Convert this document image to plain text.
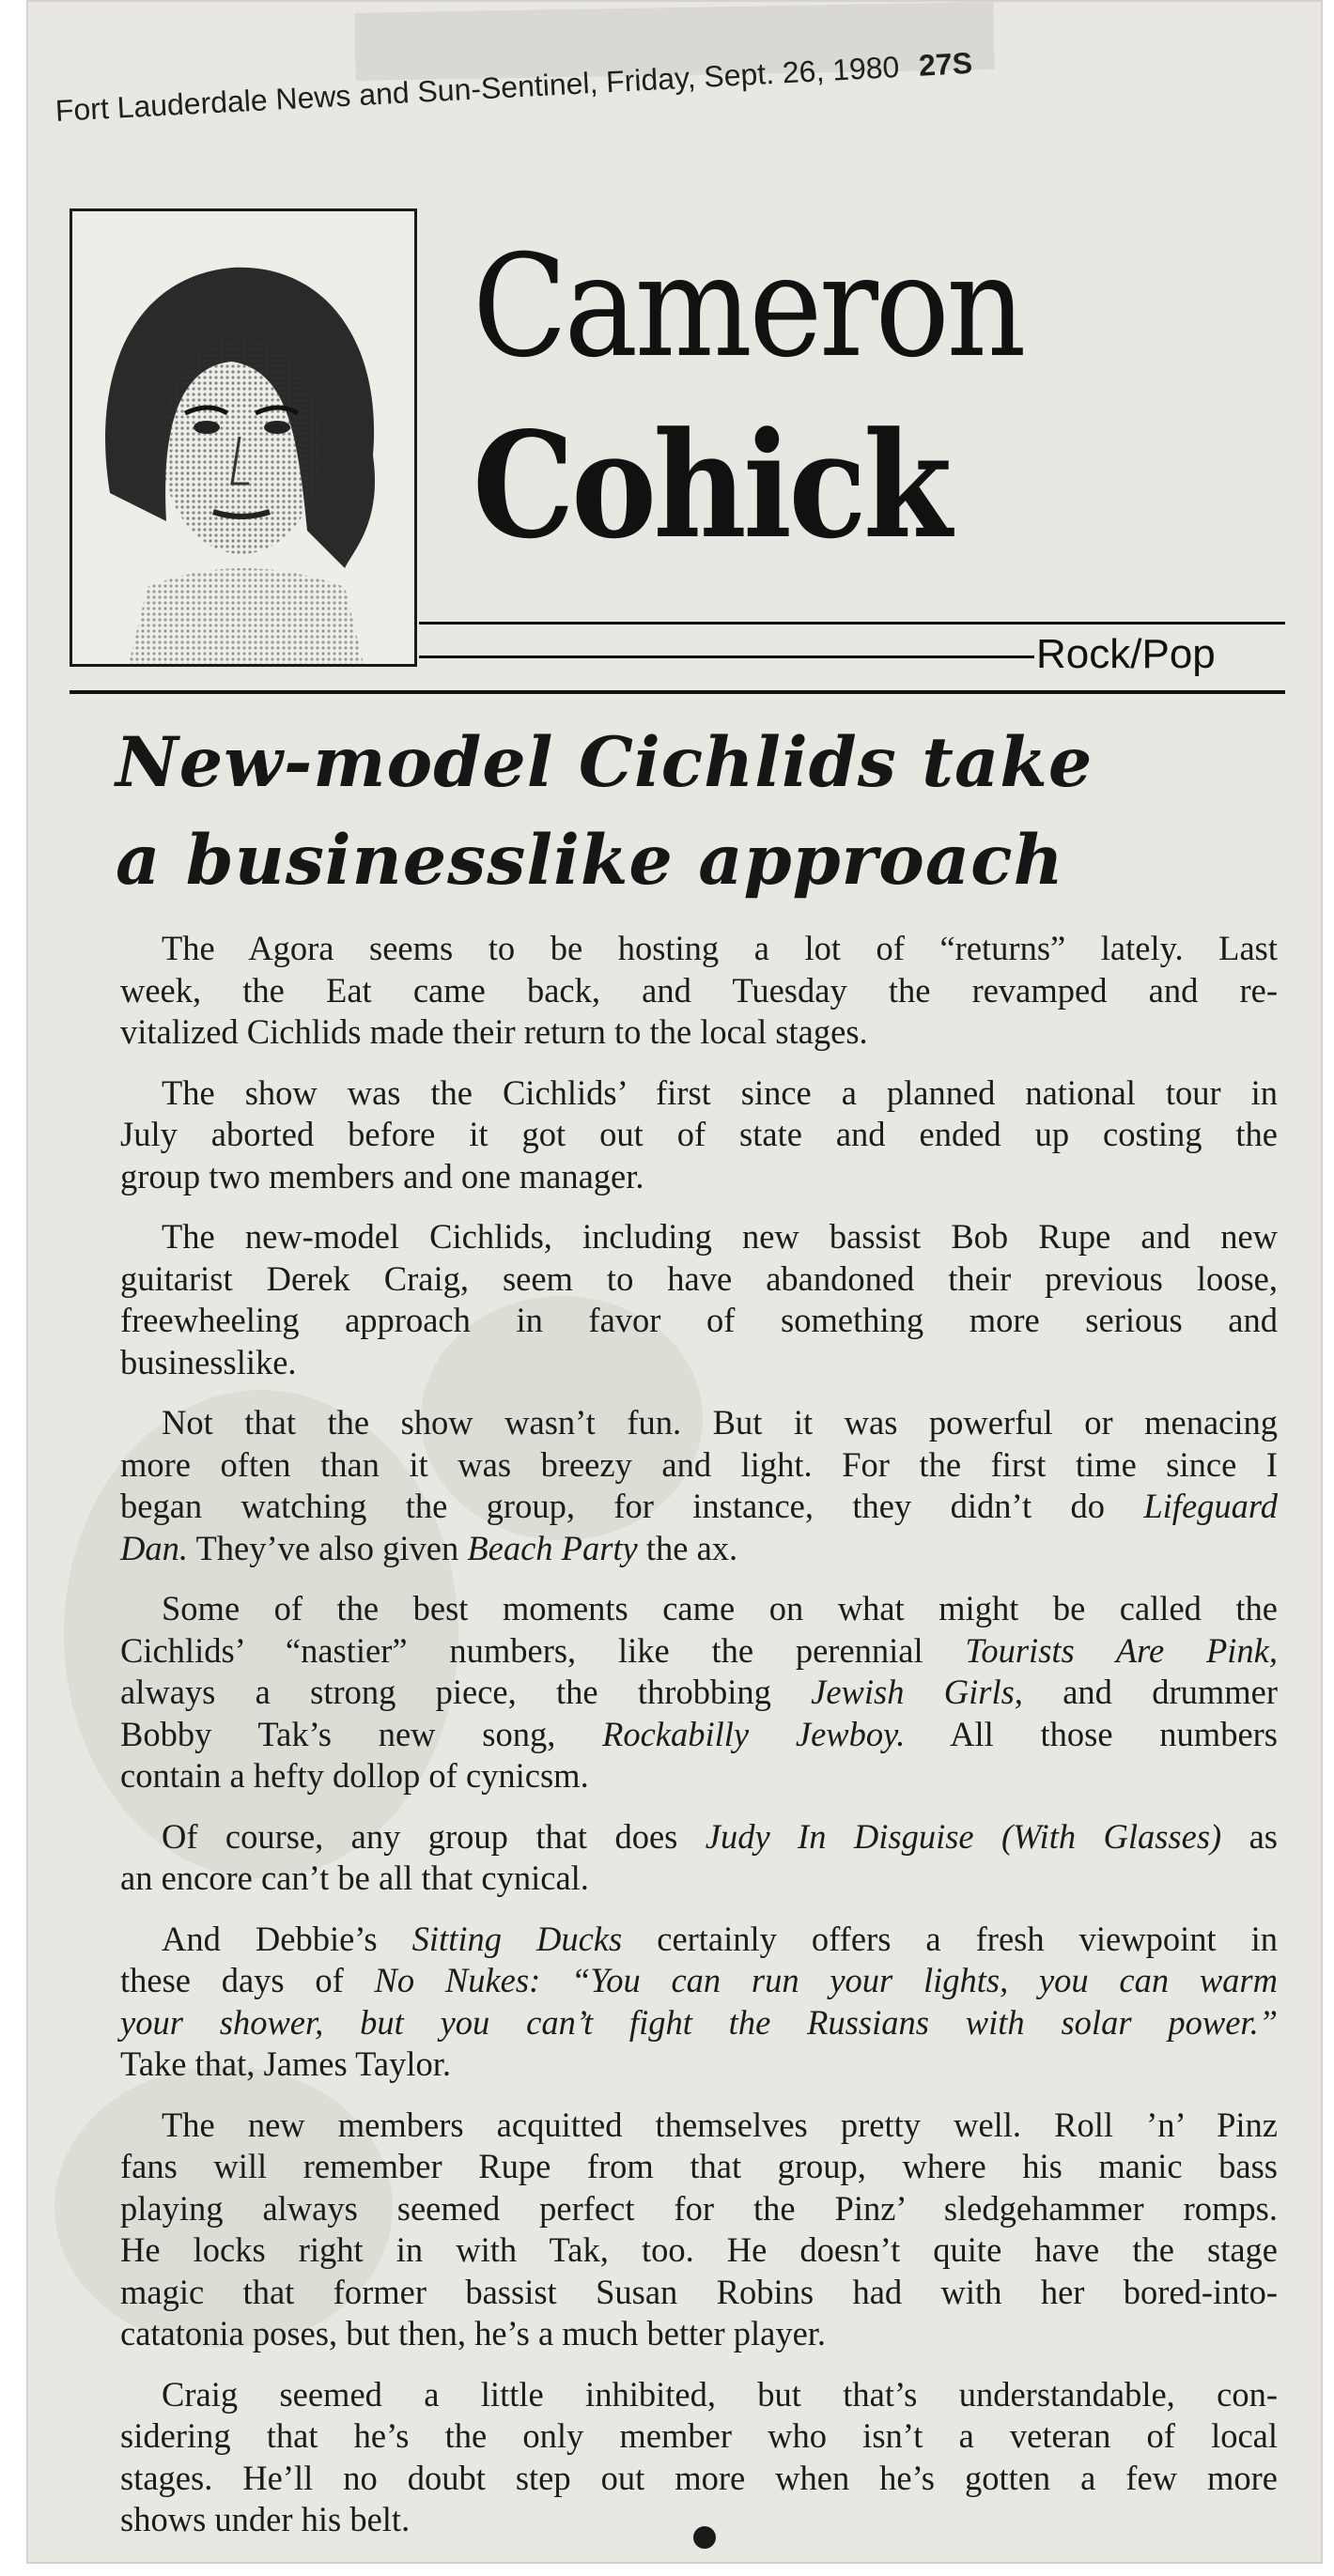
Fort Lauderdale News and Sun-Sentinel, Friday, Sept. 26, 1980 27S
Cameron
Cohick
Rock/Pop
New-model Cichlids take
a businesslike approach

The Agora seems to be hosting a lot of “returns” lately. Last
week, the Eat came back, and Tuesday the revamped and re-
vitalized Cichlids made their return to the local stages.

The show was the Cichlids’ first since a planned national tour in
July aborted before it got out of state and ended up costing the
group two members and one manager.

The new-model Cichlids, including new bassist Bob Rupe and new
guitarist Derek Craig, seem to have abandoned their previous loose,
freewheeling approach in favor of something more serious and
businesslike.

Not that the show wasn’t fun. But it was powerful or menacing
more often than it was breezy and light. For the first time since I
began watching the group, for instance, they didn’t do Lifeguard
Dan. They’ve also given Beach Party the ax.

Some of the best moments came on what might be called the
Cichlids’ “nastier” numbers, like the perennial Tourists Are Pink,
always a strong piece, the throbbing Jewish Girls, and drummer
Bobby Tak’s new song, Rockabilly Jewboy. All those numbers
contain a hefty dollop of cynicsm.

Of course, any group that does Judy In Disguise (With Glasses) as
an encore can’t be all that cynical.

And Debbie’s Sitting Ducks certainly offers a fresh viewpoint in
these days of No Nukes: “You can run your lights, you can warm
your shower, but you can’t fight the Russians with solar power.”
Take that, James Taylor.

The new members acquitted themselves pretty well. Roll ’n’ Pinz
fans will remember Rupe from that group, where his manic bass
playing always seemed perfect for the Pinz’ sledgehammer romps.
He locks right in with Tak, too. He doesn’t quite have the stage
magic that former bassist Susan Robins had with her bored-into-
catatonia poses, but then, he’s a much better player.

Craig seemed a little inhibited, but that’s understandable, con-
sidering that he’s the only member who isn’t a veteran of local
stages. He’ll no doubt step out more when he’s gotten a few more
shows under his belt.
